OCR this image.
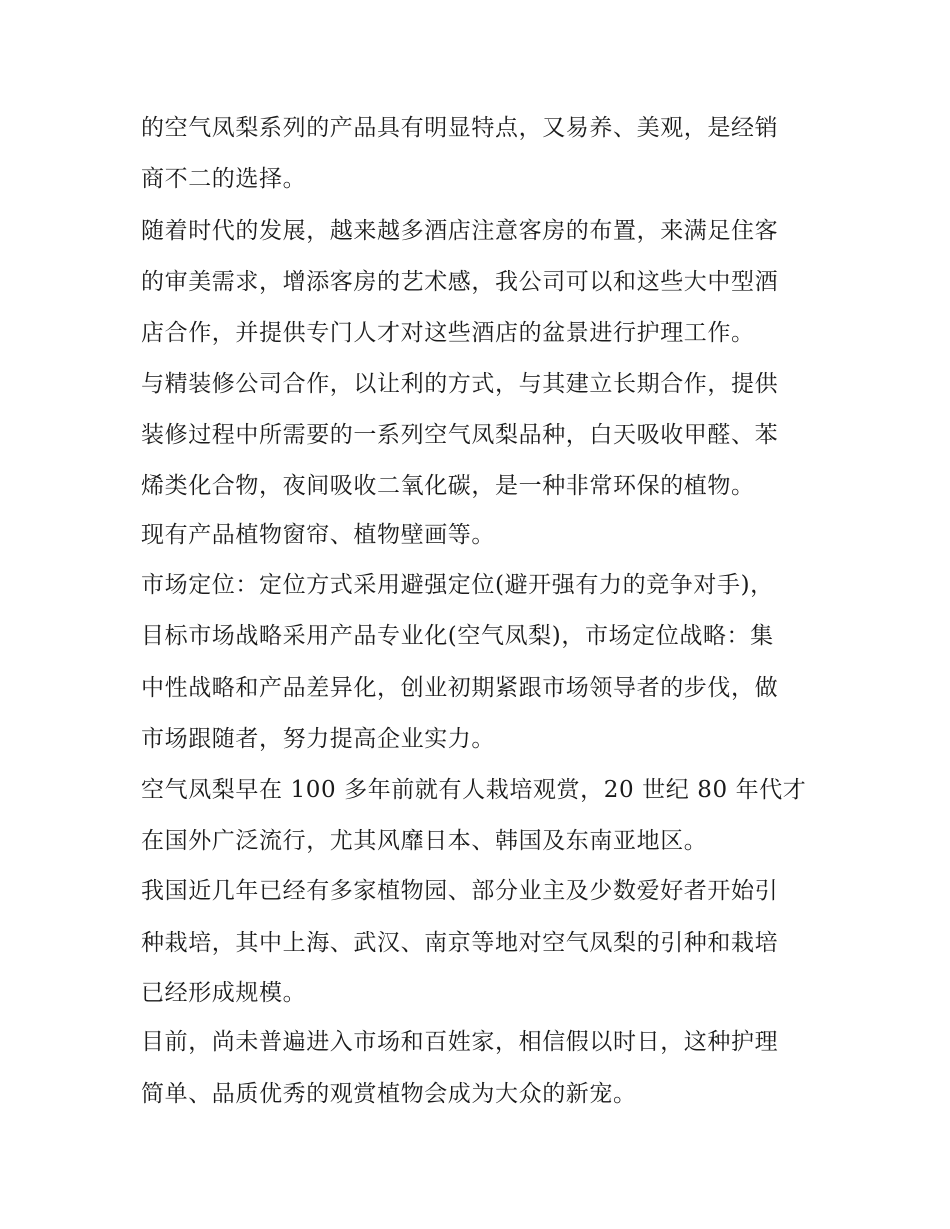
的空气凤梨系列的产品具有明显特点，又易养、美观，是经销

商不二的选择。

随着时代的发展，越来越多酒店注意客房的布置，来满足住客

的审美需求，增添客房的艺术感，我公司可以和这些大中型酒

店合作，并提供专门人才对这些酒店的盆景进行护理工作。

与精装修公司合作，以让利的方式，与其建立长期合作，提供

装修过程中所需要的一系列空气凤梨品种，白天吸收甲醛、苯

烯类化合物，夜间吸收二氧化碳，是一种非常环保的植物。

现有产品植物窗帘、植物壁画等。

市场定位：定位方式采用避强定位(避开强有力的竞争对手)，

目标市场战略采用产品专业化(空气凤梨)，市场定位战略：集

中性战略和产品差异化，创业初期紧跟市场领导者的步伐，做

市场跟随者，努力提高企业实力。

空气凤梨早在 100 多年前就有人栽培观赏，20 世纪 80 年代才

在国外广泛流行，尤其风靡日本、韩国及东南亚地区。

我国近几年已经有多家植物园、部分业主及少数爱好者开始引

种栽培，其中上海、武汉、南京等地对空气凤梨的引种和栽培

已经形成规模。

目前，尚未普遍进入市场和百姓家，相信假以时日，这种护理

简单、品质优秀的观赏植物会成为大众的新宠。
